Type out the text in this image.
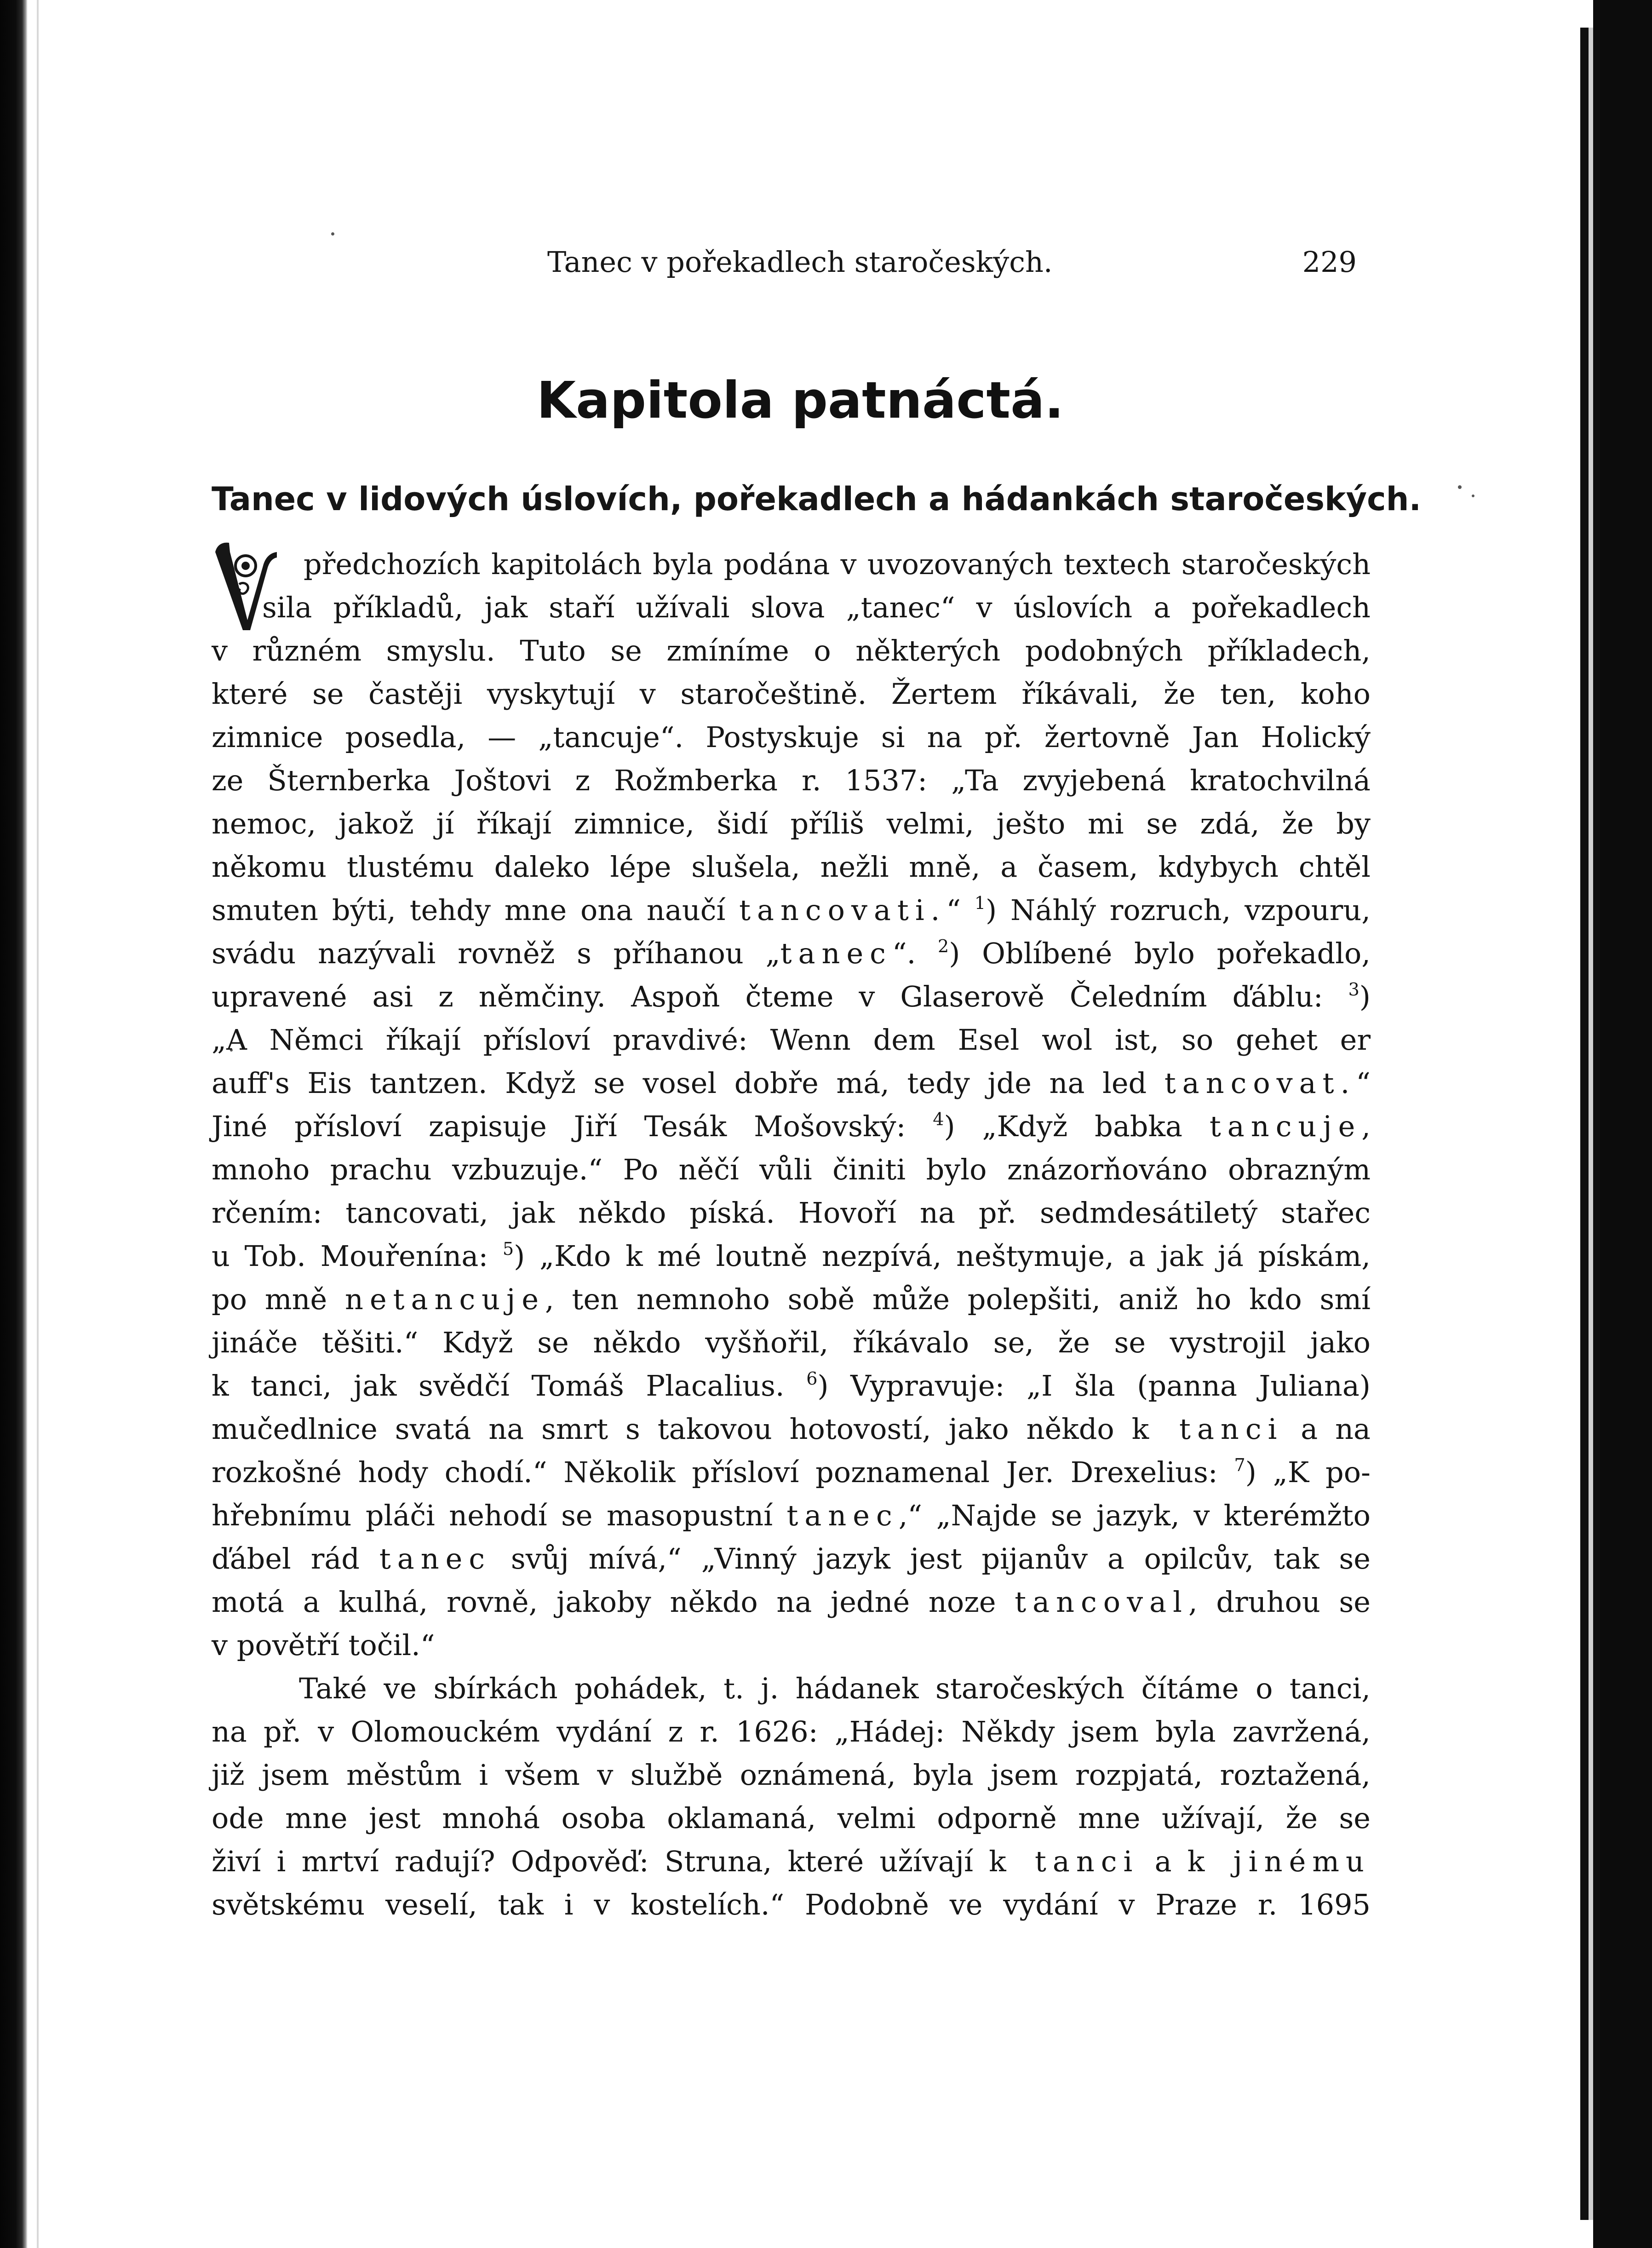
Tanec v pořekadlech staročeských.	229
Kapitola patnáctá.
Tanec v lidových úslovích, pořekadlech a hádankách staročeských.
V
předchozích kapitolách byla podána v uvozovaných textech staročeských
sila příkladů, jak staří užívali slova „tanec“ v úslovích a pořekadlech
v různém smyslu. Tuto se zmíníme o některých podobných příkladech,
které se častěji vyskytují v staročeštině. Žertem říkávali, že ten, koho
zimnice posedla, — „tancuje“. Postyskuje si na př. žertovně Jan Holický
ze Šternberka Joštovi z Rožmberka r. 1537: „Ta zvyjebená kratochvilná
nemoc, jakož jí říkají zimnice, šidí příliš velmi, ješto mi se zdá, že by
někomu tlustému daleko lépe slušela, nežli mně, a časem, kdybych chtěl
smuten býti, tehdy mne ona naučí tancovati.“ $^1$) Náhlý rozruch, vzpouru,
svádu nazývali rovněž s příhanou „tanec“. $^2$) Oblíbené bylo pořekadlo,
upravené asi z němčiny. Aspoň čteme v Glaserově Čeledním ďáblu: $^3$)
„A Němci říkají přísloví pravdivé: Wenn dem Esel wol ist, so gehet er
auff's Eis tantzen. Když se vosel dobře má, tedy jde na led tancovat.“
Jiné přísloví zapisuje Jiří Tesák Mošovský: $^4$) „Když babka tancuje,
mnoho prachu vzbuzuje.“ Po něčí vůli činiti bylo znázorňováno obrazným
rčením: tancovati, jak někdo píská. Hovoří na př. sedmdesátiletý stařec
u Tob. Mouřenína: $^5$) „Kdo k mé loutně nezpívá, neštymuje, a jak já pískám,
po mně netancuje, ten nemnoho sobě může polepšiti, aniž ho kdo smí
jináče těšiti.“ Když se někdo vyšňořil, říkávalo se, že se vystrojil jako
k tanci, jak svědčí Tomáš Placalius. $^6$) Vypravuje: „I šla (panna Juliana)
mučedlnice svatá na smrt s takovou hotovostí, jako někdo k tanci a na
rozkošné hody chodí.“ Několik přísloví poznamenal Jer. Drexelius: $^7$) „K po-
hřebnímu pláči nehodí se masopustní tanec,“ „Najde se jazyk, v kterémžto
ďábel rád tanec svůj mívá,“ „Vinný jazyk jest pijanův a opilcův, tak se
motá a kulhá, rovně, jakoby někdo na jedné noze tancoval, druhou se
v povětří točil.“
Také ve sbírkách pohádek, t. j. hádanek staročeských čítáme o tanci,
na př. v Olomouckém vydání z r. 1626: „Hádej: Někdy jsem byla zavržená,
již jsem městům i všem v službě oznámená, byla jsem rozpjatá, roztažená,
ode mne jest mnohá osoba oklamaná, velmi odporně mne užívají, že se
živí i mrtví radují? Odpověď: Struna, které užívají k tanci a k jinému
světskému veselí, tak i v kostelích.“ Podobně ve vydání v Praze r. 1695
